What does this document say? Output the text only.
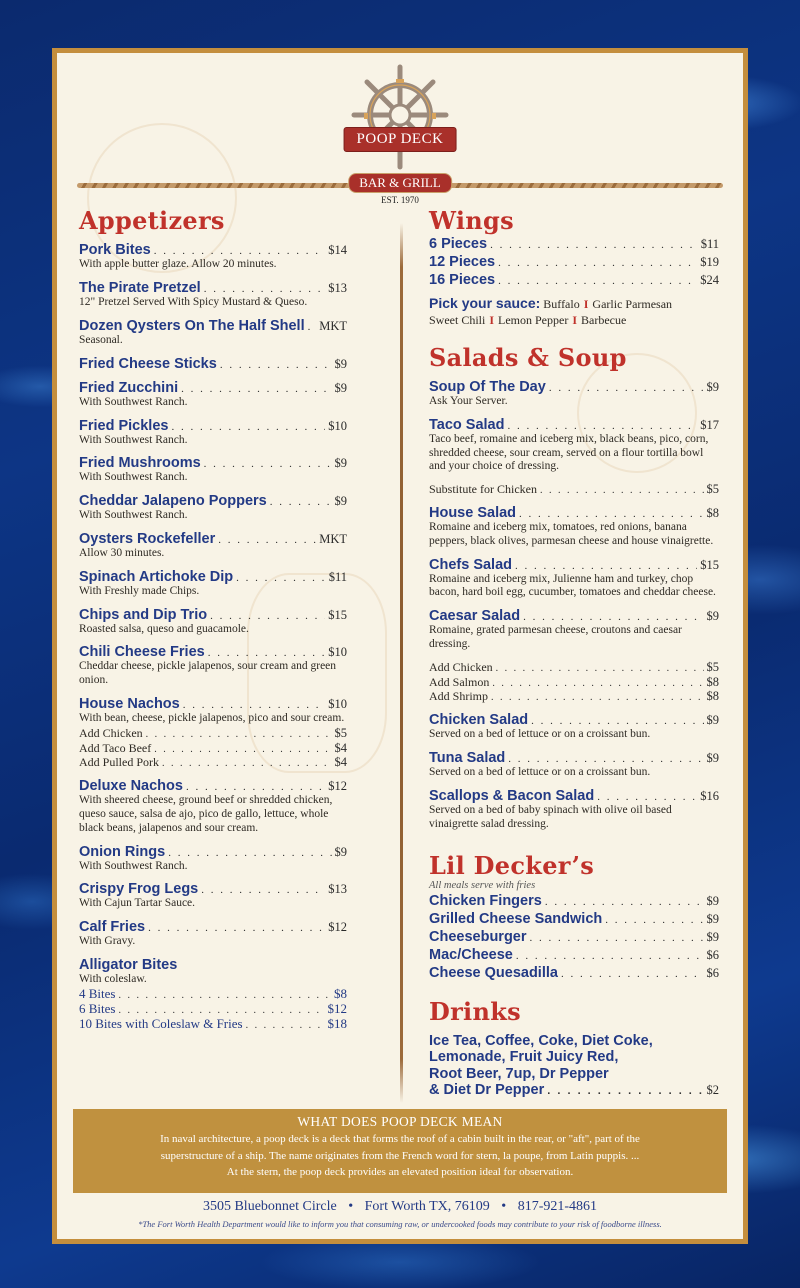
POOP DECK
BAR & GRILL
EST. 1970
Appetizers
Pork Bites . . .	$14
With apple butter glaze. Allow 20 minutes.
The Pirate Pretzel . . .	$13
12" Pretzel Served With Spicy Mustard & Queso.
Dozen Qysters On The Half Shell . . . MKT
Seasonal.
Fried Cheese Sticks . . .	$9
Fried Zucchini . . .	$9
With Southwest Ranch.
Fried Pickles . . .	$10
With Southwest Ranch.
Fried Mushrooms . . .	$9
With Southwest Ranch.
Cheddar Jalapeno Poppers . . .	$9
With Southwest Ranch.
Oysters Rockefeller . . .	MKT
Allow 30 minutes.
Spinach Artichoke Dip . . .	$11
With Freshly made Chips.
Chips and Dip Trio . . .	$15
Roasted salsa, queso and guacamole.
Chili Cheese Fries . . .	$10
Cheddar cheese, pickle jalapenos, sour cream and green onion.
House Nachos . . .	$10
With bean, cheese, pickle jalapenos, pico and sour cream.
Add Chicken . . .	$5
Add Taco Beef . . .	$4
Add Pulled Pork . . .	$4
Deluxe Nachos . . .	$12
With sheered cheese, ground beef or shredded chicken, queso sauce, salsa de ajo, pico de gallo, lettuce, whole black beans, jalapenos and sour cream.
Onion Rings . . .	$9
With Southwest Ranch.
Crispy Frog Legs . . .	$13
With Cajun Tartar Sauce.
Calf Fries . . .	$12
With Gravy.
Alligator Bites
With coleslaw.
4 Bites . . .	$8
6 Bites . . .	$12
10 Bites with Coleslaw & Fries . . .	$18
Wings
6 Pieces . . .	$11
12 Pieces . . .	$19
16 Pieces . . .	$24
Pick your sauce: Buffalo I Garlic Parmesan
Sweet Chili I Lemon Pepper I Barbecue
Salads & Soup
Soup Of The Day . . .	$9
Ask Your Server.
Taco Salad . . .	$17
Taco beef, romaine and iceberg mix, black beans, pico, corn, shredded cheese, sour cream, served on a flour tortilla bowl and your choice of dressing.
Substitute for Chicken . . .	$5
House Salad . . .	$8
Romaine and iceberg mix, tomatoes, red onions, banana peppers, black olives, parmesan cheese and house vinaigrette.
Chefs Salad . . .	$15
Romaine and iceberg mix, Julienne ham and turkey, chop bacon, hard boil egg, cucumber, tomatoes and cheddar cheese.
Caesar Salad . . .	$9
Romaine, grated parmesan cheese, croutons and caesar dressing.
Add Chicken . . .	$5
Add Salmon . . .	$8
Add Shrimp . . .	$8
Chicken Salad . . .	$9
Served on a bed of lettuce or on a croissant bun.
Tuna Salad . . .	$9
Served on a bed of lettuce or on a croissant bun.
Scallops & Bacon Salad . . .	$16
Served on a bed of baby spinach with olive oil based vinaigrette salad dressing.
Lil Decker’s
All meals serve with fries
Chicken Fingers . . .	$9
Grilled Cheese Sandwich . . .	$9
Cheeseburger . . .	$9
Mac/Cheese . . .	$6
Cheese Quesadilla . . .	$6
Drinks
Ice Tea, Coffee, Coke, Diet Coke,
Lemonade, Fruit Juicy Red,
Root Beer, 7up, Dr Pepper
& Diet Dr Pepper . . .	$2
WHAT DOES POOP DECK MEAN

In naval architecture, a poop deck is a deck that forms the roof of a cabin built in the rear, or "aft", part of the
superstructure of a ship. The name originates from the French word for stern, la poupe, from Latin puppis. ...
At the stern, the poop deck provides an elevated position ideal for observation.

3505 Bluebonnet Circle • Fort Worth TX, 76109 • 817-921-4861
*The Fort Worth Health Department would like to inform you that consuming raw, or undercooked foods may contribute to your risk of foodborne illness.
